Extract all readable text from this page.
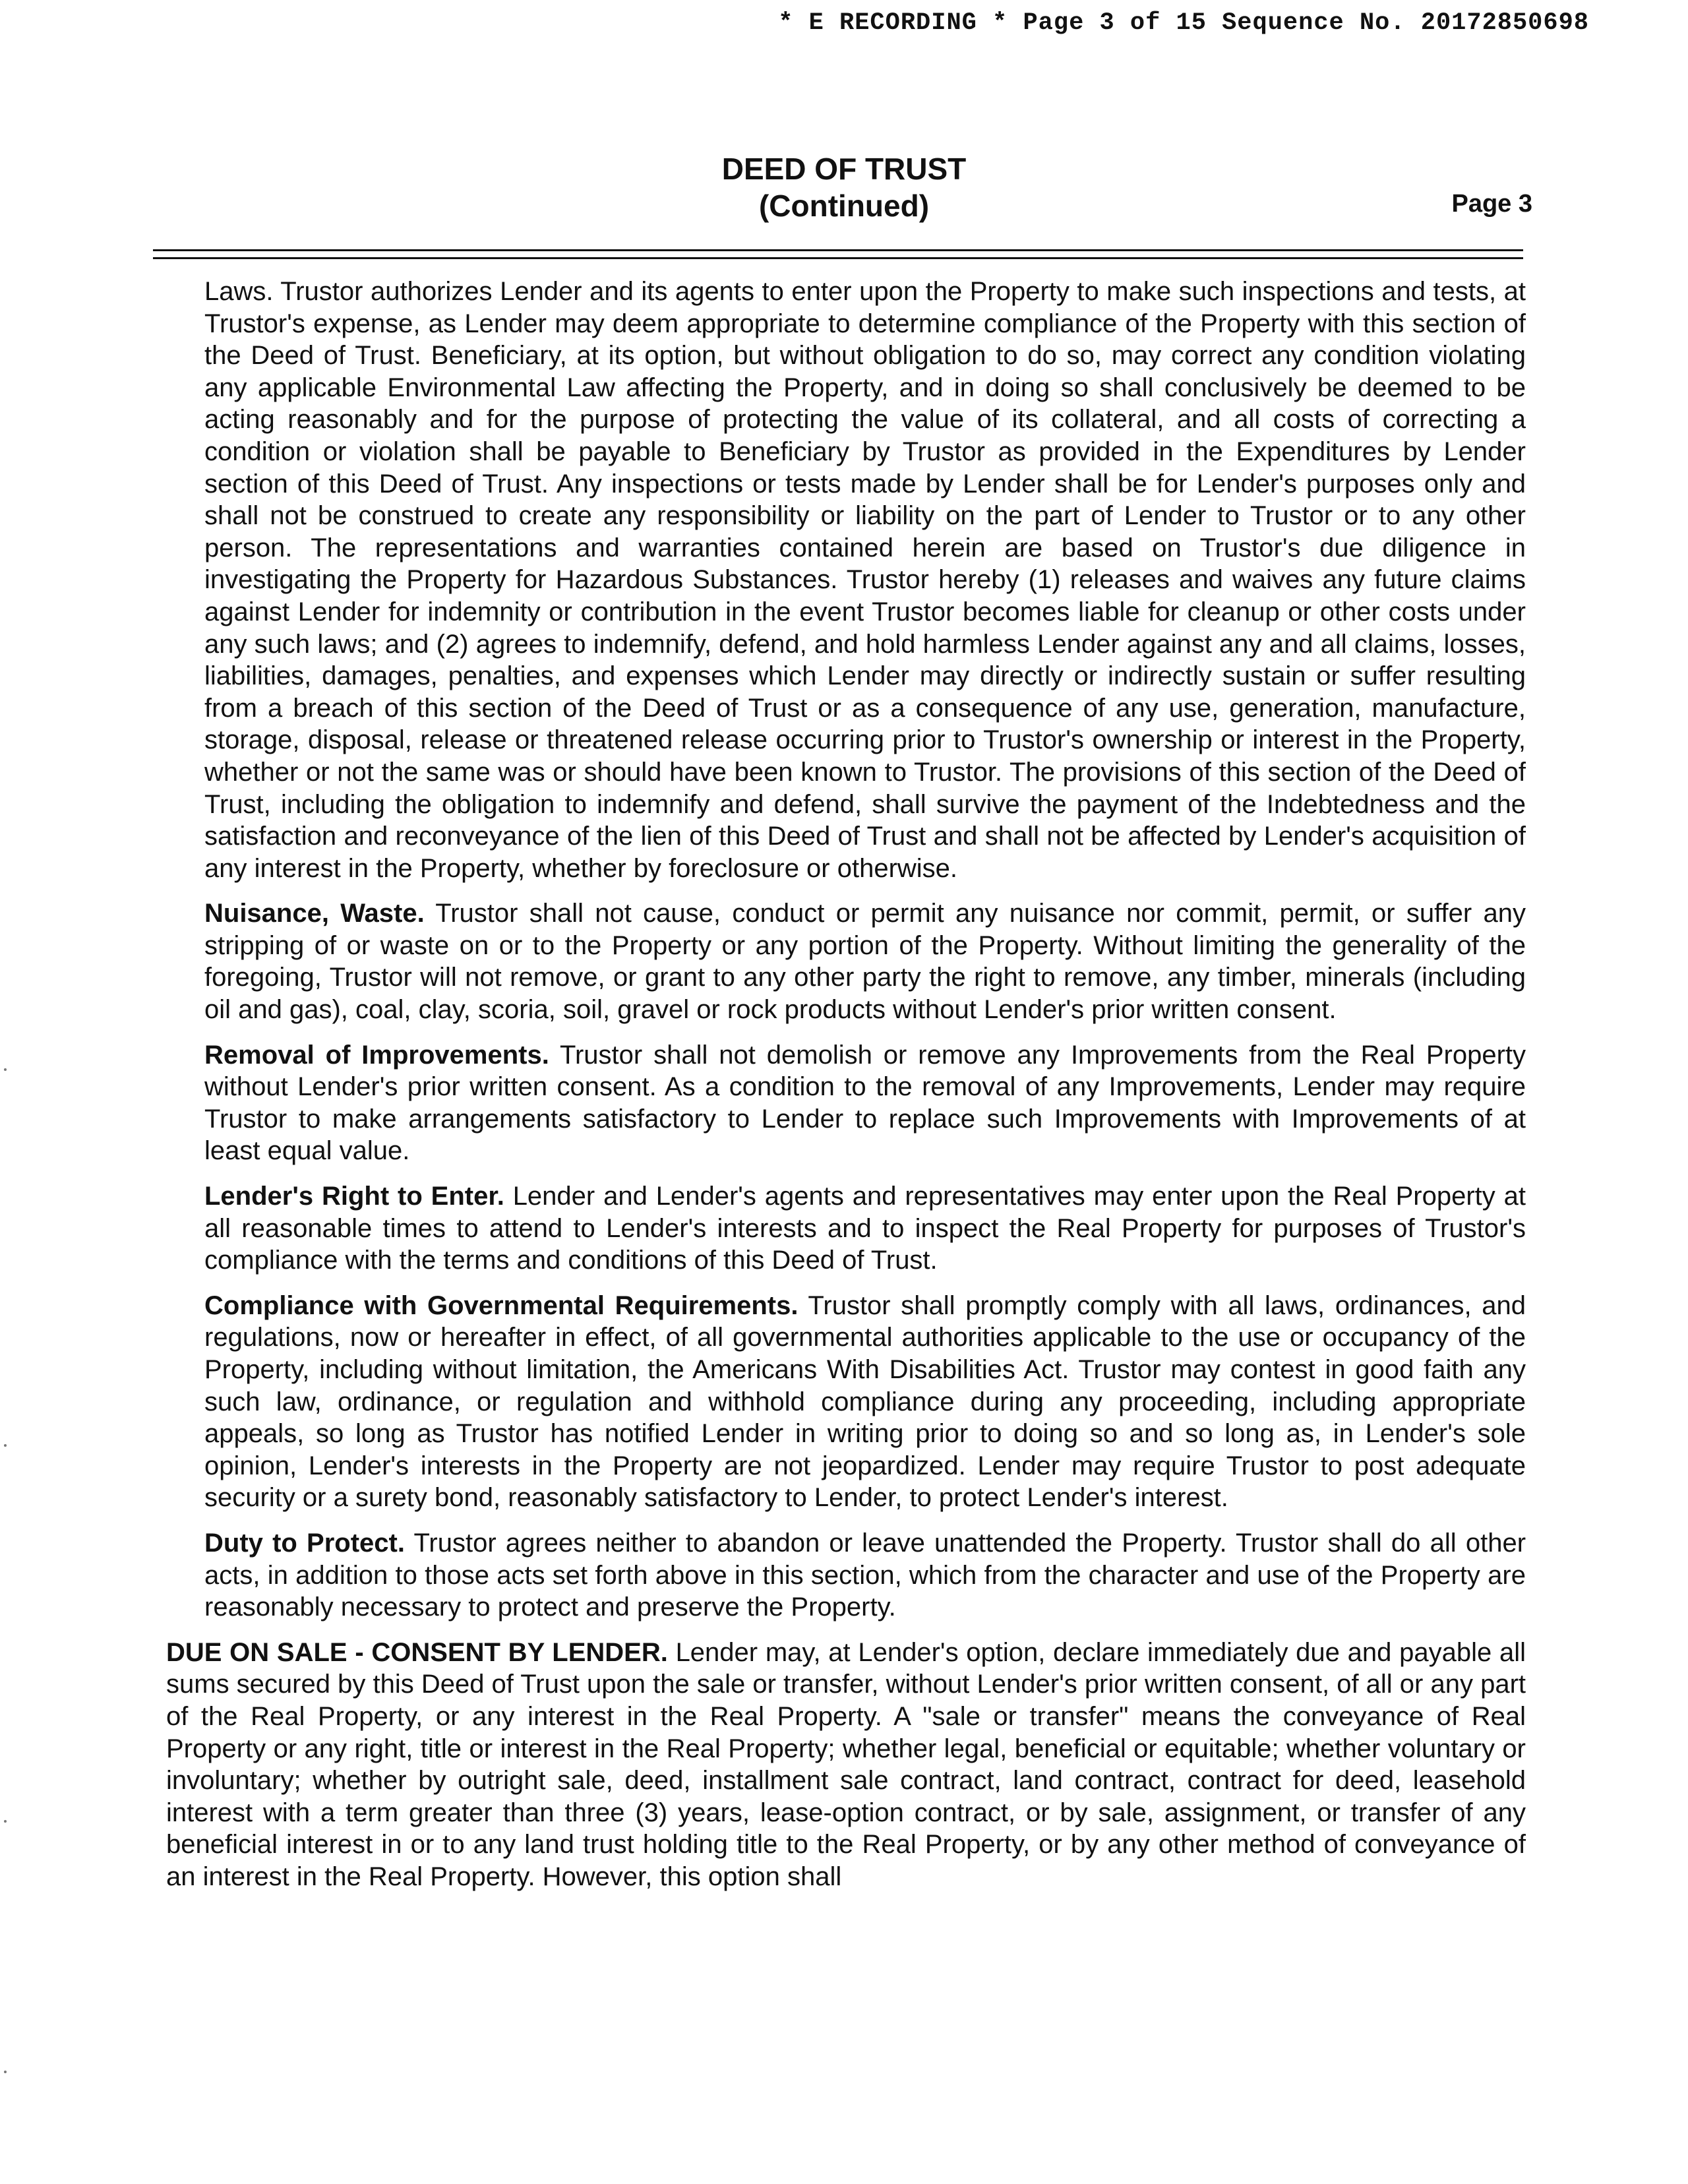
* E RECORDING * Page 3 of 15 Sequence No. 20172850698
DEED OF TRUST
(Continued)	Page 3

Laws. Trustor authorizes Lender and its agents to enter upon the Property to make such inspections and tests, at Trustor's expense, as Lender may deem appropriate to determine compliance of the Property with this section of the Deed of Trust. Beneficiary, at its option, but without obligation to do so, may correct any condition violating any applicable Environmental Law affecting the Property, and in doing so shall conclusively be deemed to be acting reasonably and for the purpose of protecting the value of its collateral, and all costs of correcting a condition or violation shall be payable to Beneficiary by Trustor as provided in the Expenditures by Lender section of this Deed of Trust. Any inspections or tests made by Lender shall be for Lender's purposes only and shall not be construed to create any responsibility or liability on the part of Lender to Trustor or to any other person. The representations and warranties contained herein are based on Trustor's due diligence in investigating the Property for Hazardous Substances. Trustor hereby (1) releases and waives any future claims against Lender for indemnity or contribution in the event Trustor becomes liable for cleanup or other costs under any such laws; and (2) agrees to indemnify, defend, and hold harmless Lender against any and all claims, losses, liabilities, damages, penalties, and expenses which Lender may directly or indirectly sustain or suffer resulting from a breach of this section of the Deed of Trust or as a consequence of any use, generation, manufacture, storage, disposal, release or threatened release occurring prior to Trustor's ownership or interest in the Property, whether or not the same was or should have been known to Trustor. The provisions of this section of the Deed of Trust, including the obligation to indemnify and defend, shall survive the payment of the Indebtedness and the satisfaction and reconveyance of the lien of this Deed of Trust and shall not be affected by Lender's acquisition of any interest in the Property, whether by foreclosure or otherwise.

Nuisance, Waste. Trustor shall not cause, conduct or permit any nuisance nor commit, permit, or suffer any stripping of or waste on or to the Property or any portion of the Property. Without limiting the generality of the foregoing, Trustor will not remove, or grant to any other party the right to remove, any timber, minerals (including oil and gas), coal, clay, scoria, soil, gravel or rock products without Lender's prior written consent.

Removal of Improvements. Trustor shall not demolish or remove any Improvements from the Real Property without Lender's prior written consent. As a condition to the removal of any Improvements, Lender may require Trustor to make arrangements satisfactory to Lender to replace such Improvements with Improvements of at least equal value.

Lender's Right to Enter. Lender and Lender's agents and representatives may enter upon the Real Property at all reasonable times to attend to Lender's interests and to inspect the Real Property for purposes of Trustor's compliance with the terms and conditions of this Deed of Trust.

Compliance with Governmental Requirements. Trustor shall promptly comply with all laws, ordinances, and regulations, now or hereafter in effect, of all governmental authorities applicable to the use or occupancy of the Property, including without limitation, the Americans With Disabilities Act. Trustor may contest in good faith any such law, ordinance, or regulation and withhold compliance during any proceeding, including appropriate appeals, so long as Trustor has notified Lender in writing prior to doing so and so long as, in Lender's sole opinion, Lender's interests in the Property are not jeopardized. Lender may require Trustor to post adequate security or a surety bond, reasonably satisfactory to Lender, to protect Lender's interest.

Duty to Protect. Trustor agrees neither to abandon or leave unattended the Property. Trustor shall do all other acts, in addition to those acts set forth above in this section, which from the character and use of the Property are reasonably necessary to protect and preserve the Property.

DUE ON SALE - CONSENT BY LENDER. Lender may, at Lender's option, declare immediately due and payable all sums secured by this Deed of Trust upon the sale or transfer, without Lender's prior written consent, of all or any part of the Real Property, or any interest in the Real Property. A "sale or transfer" means the conveyance of Real Property or any right, title or interest in the Real Property; whether legal, beneficial or equitable; whether voluntary or involuntary; whether by outright sale, deed, installment sale contract, land contract, contract for deed, leasehold interest with a term greater than three (3) years, lease-option contract, or by sale, assignment, or transfer of any beneficial interest in or to any land trust holding title to the Real Property, or by any other method of conveyance of an interest in the Real Property. However, this option shall
